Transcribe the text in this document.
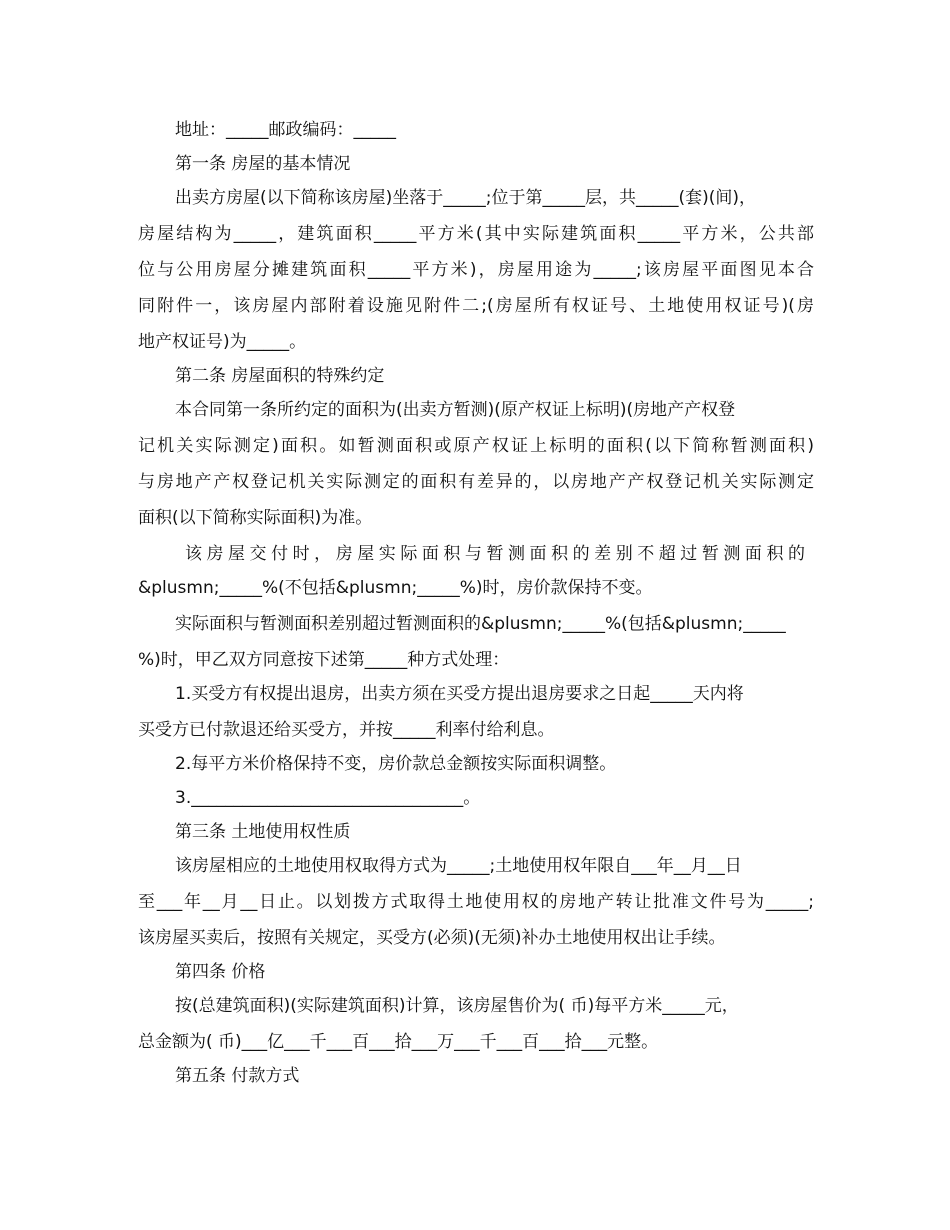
地址：_____邮政编码：_____

第一条 房屋的基本情况

出卖方房屋(以下简称该房屋)坐落于_____;位于第_____层，共_____(套)(间)，

房屋结构为_____，建筑面积_____平方米(其中实际建筑面积_____平方米，公共部

位与公用房屋分摊建筑面积_____平方米)，房屋用途为_____;该房屋平面图见本合

同附件一，该房屋内部附着设施见附件二;(房屋所有权证号、土地使用权证号)(房

地产权证号)为_____。

第二条 房屋面积的特殊约定

本合同第一条所约定的面积为(出卖方暂测)(原产权证上标明)(房地产产权登

记机关实际测定)面积。如暂测面积或原产权证上标明的面积(以下简称暂测面积)

与房地产产权登记机关实际测定的面积有差异的，以房地产产权登记机关实际测定

面积(以下简称实际面积)为准。

该房屋交付时，房屋实际面积与暂测面积的差别不超过暂测面积的

&plusmn;_____%(不包括&plusmn;_____%)时，房价款保持不变。

实际面积与暂测面积差别超过暂测面积的&plusmn;_____%(包括&plusmn;_____

%)时，甲乙双方同意按下述第_____种方式处理：

1.买受方有权提出退房，出卖方须在买受方提出退房要求之日起_____天内将

买受方已付款退还给买受方，并按_____利率付给利息。

2.每平方米价格保持不变，房价款总金额按实际面积调整。

3.________________________________。

第三条 土地使用权性质

该房屋相应的土地使用权取得方式为_____;土地使用权年限自___年__月__日

至___年__月__日止。以划拨方式取得土地使用权的房地产转让批准文件号为_____;

该房屋买卖后，按照有关规定，买受方(必须)(无须)补办土地使用权出让手续。

第四条 价格

按(总建筑面积)(实际建筑面积)计算，该房屋售价为( 币)每平方米_____元，

总金额为( 币)___亿___千___百___拾___万___千___百___拾___元整。

第五条 付款方式
